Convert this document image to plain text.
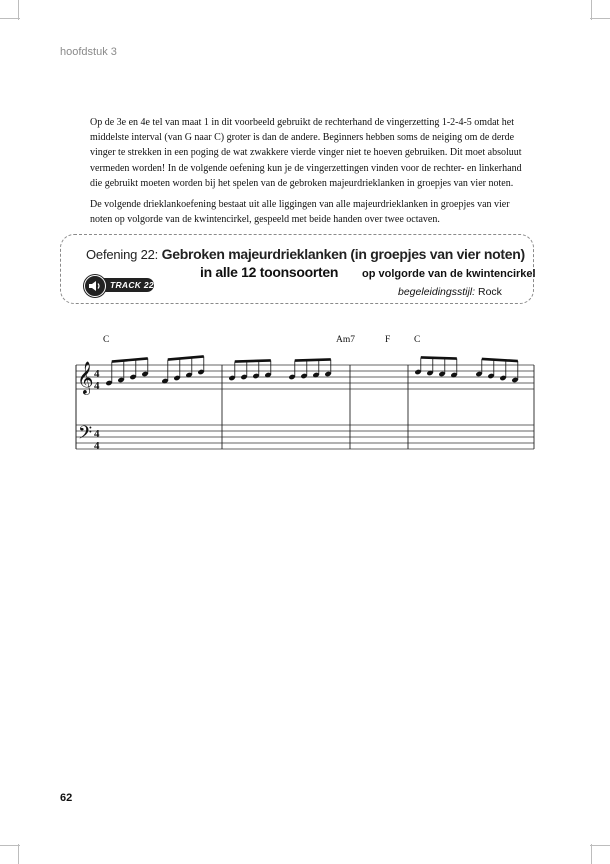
hoofdstuk 3

Op de 3e en 4e tel van maat 1 in dit voorbeeld gebruikt de rechterhand de vingerzetting 1-2-4-5 omdat het middelste interval (van G naar C) groter is dan de andere. Beginners hebben soms de neiging om de derde vinger te strekken in een poging de wat zwakkere vierde vinger niet te hoeven gebruiken. Dit moet absoluut vermeden worden! In de volgende oefening kun je de vingerzettingen vinden voor de rechter- en linkerhand die gebruikt moeten worden bij het spelen van de gebroken majeurdrieklanken in groepjes van vier noten.

De volgende drieklankoefening bestaat uit alle liggingen van alle majeurdrieklanken in groepjes van vier noten op volgorde van de kwintencirkel, gespeeld met beide handen over twee octaven.

Oefening 22: Gebroken majeurdrieklanken (in groepjes van vier noten)
in alle 12 toonsoorten op volgorde van de kwintencirkel
begeleidingsstijl: Rock
TRACK 22
𝄞
𝄢
4
4
4
4
C	Am7	F C
62
